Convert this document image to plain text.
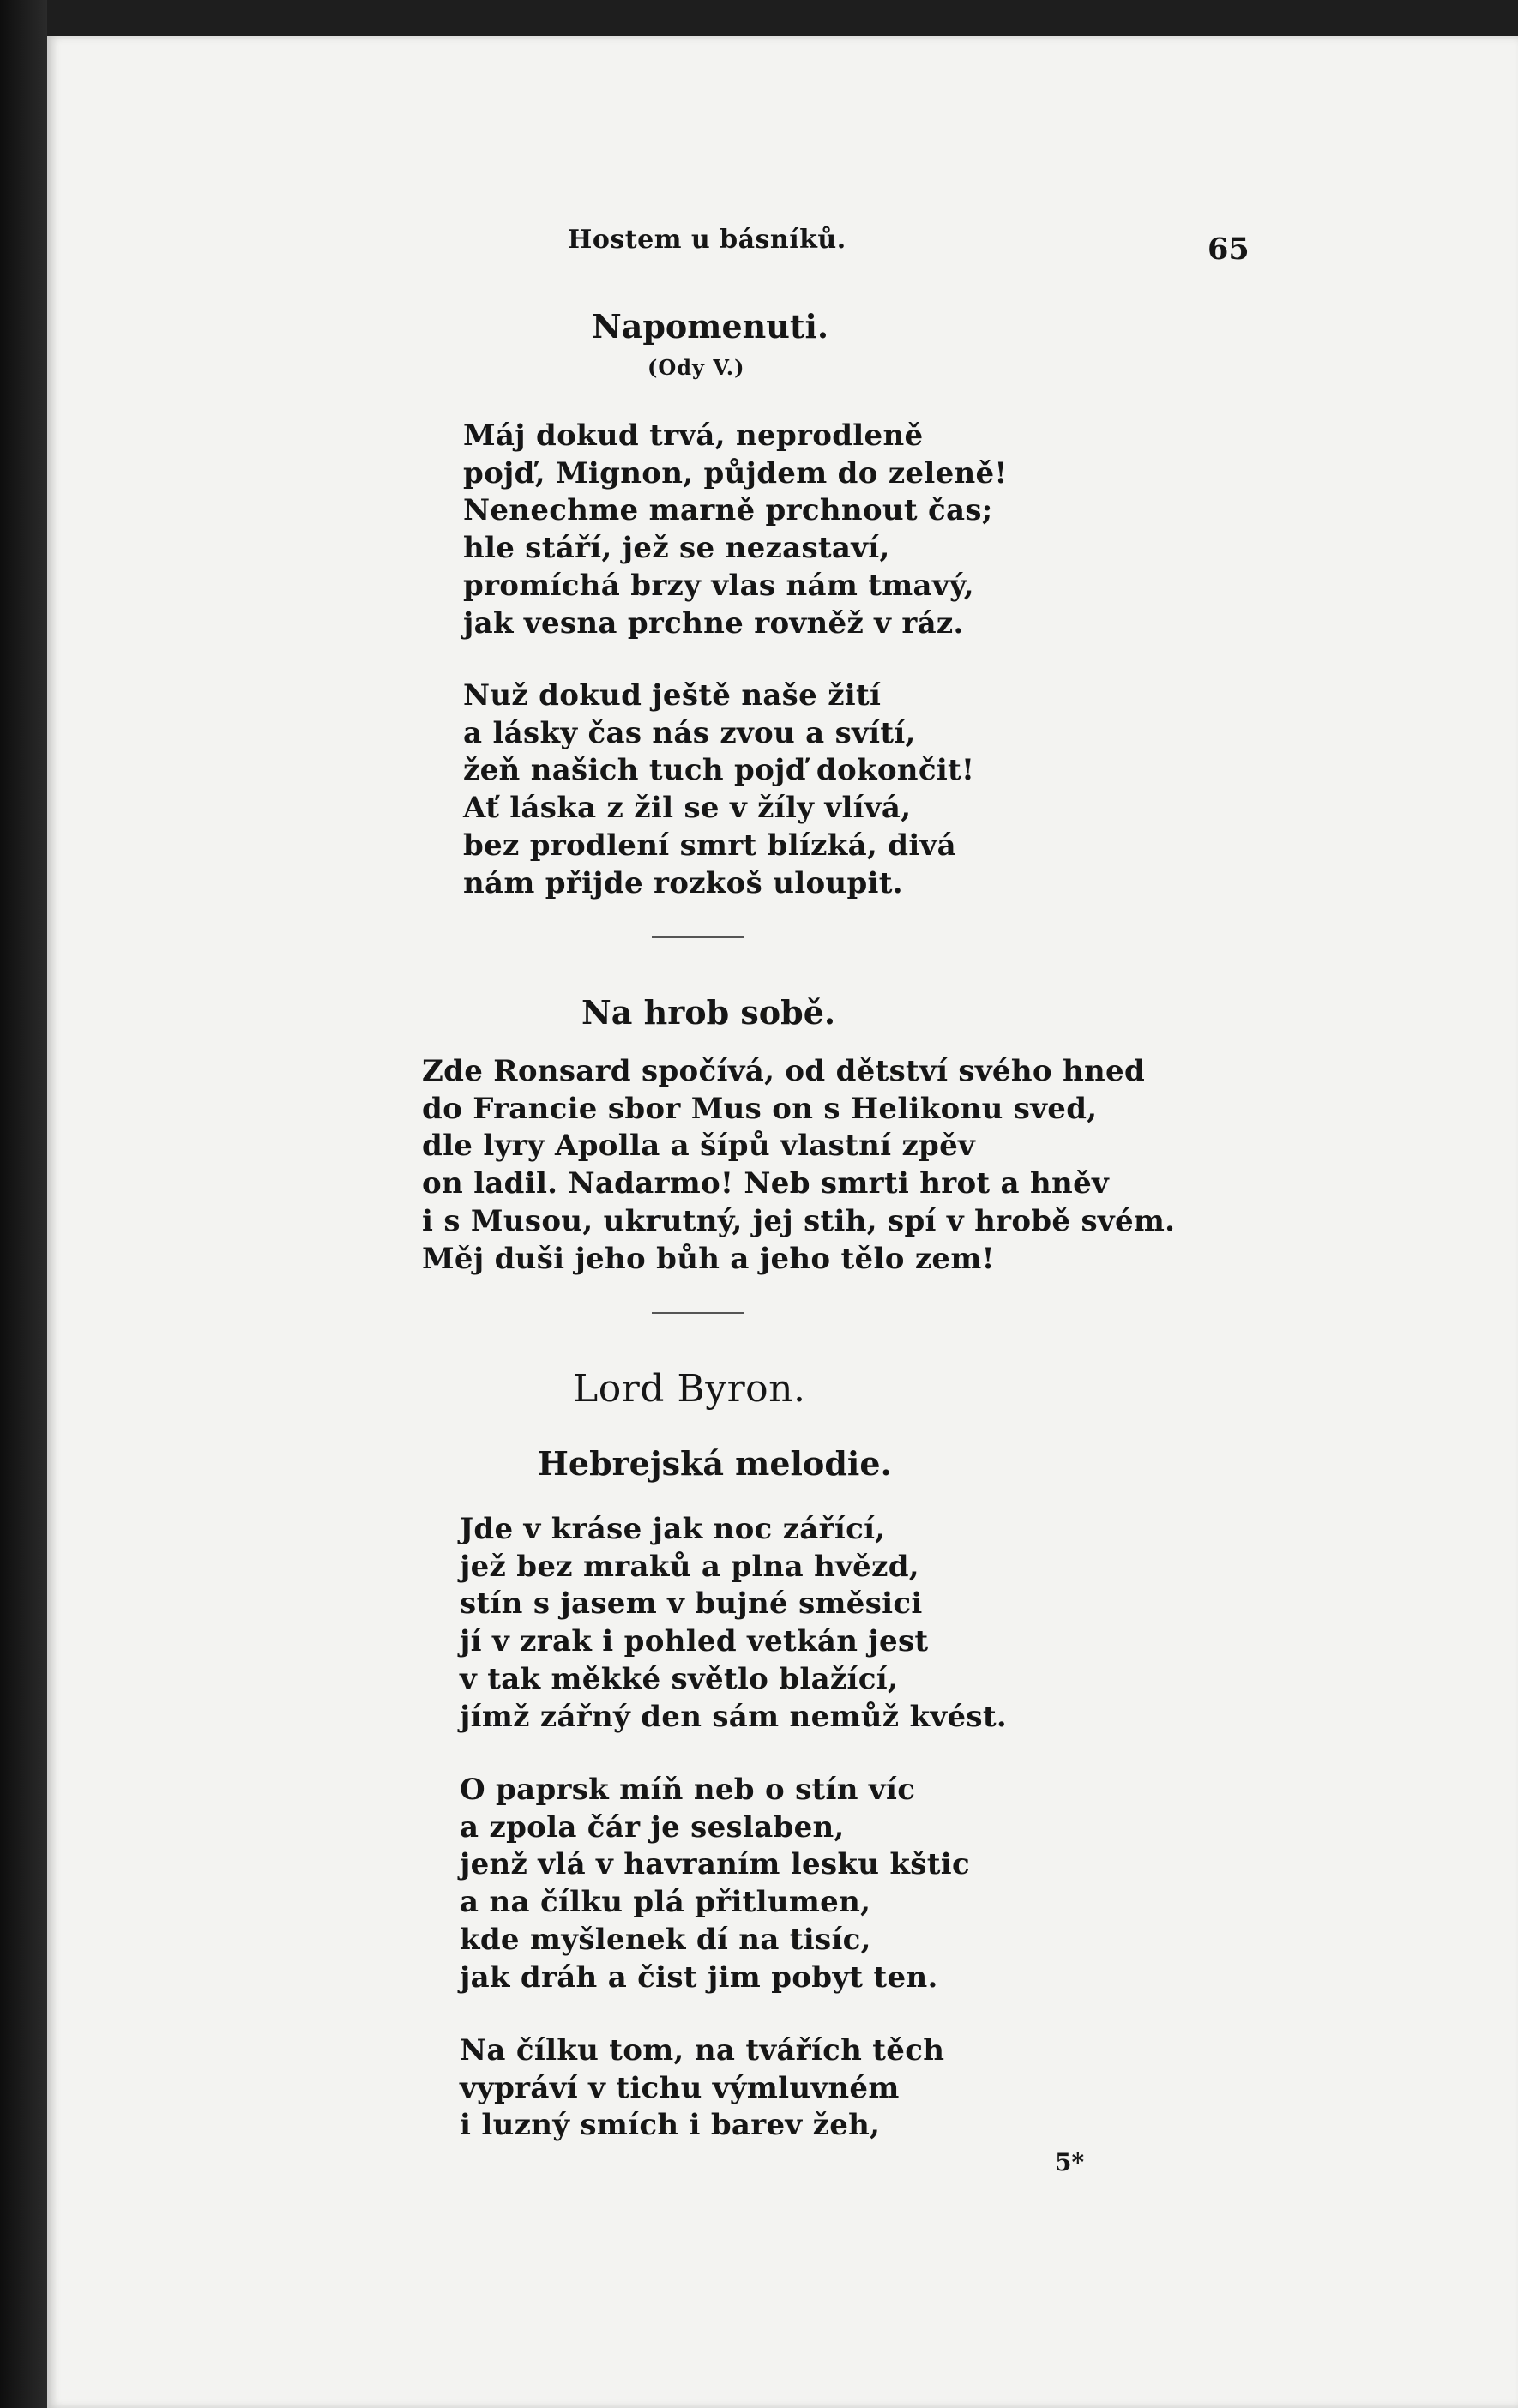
Hostem u básníků.	65
Napomenuti.
(Ody V.)
Máj dokud trvá, neprodleně
pojď, Mignon, půjdem do zeleně!
Nenechme marně prchnout čas;
hle stáří, jež se nezastaví,
promíchá brzy vlas nám tmavý,
jak vesna prchne rovněž v ráz.
Nuž dokud ještě naše žití
a lásky čas nás zvou a svítí,
žeň našich tuch pojď dokončit!
Ať láska z žil se v žíly vlívá,
bez prodlení smrt blízká, divá
nám přijde rozkoš uloupit.
Na hrob sobě.
Zde Ronsard spočívá, od dětství svého hned
do Francie sbor Mus on s Helikonu sved,
dle lyry Apolla a šípů vlastní zpěv
on ladil. Nadarmo! Neb smrti hrot a hněv
i s Musou, ukrutný, jej stih, spí v hrobě svém.
Měj duši jeho bůh a jeho tělo zem!
Lord Byron.
Hebrejská melodie.
Jde v kráse jak noc zářící,
jež bez mraků a plna hvězd,
stín s jasem v bujné směsici
jí v zrak i pohled vetkán jest
v tak měkké světlo blažící,
jímž zářný den sám nemůž kvést.
O paprsk míň neb o stín víc
a zpola čár je seslaben,
jenž vlá v havraním lesku kštic
a na čílku plá přitlumen,
kde myšlenek dí na tisíc,
jak dráh a čist jim pobyt ten.
Na čílku tom, na tvářích těch
vypráví v tichu výmluvném
i luzný smích i barev žeh,
5*
